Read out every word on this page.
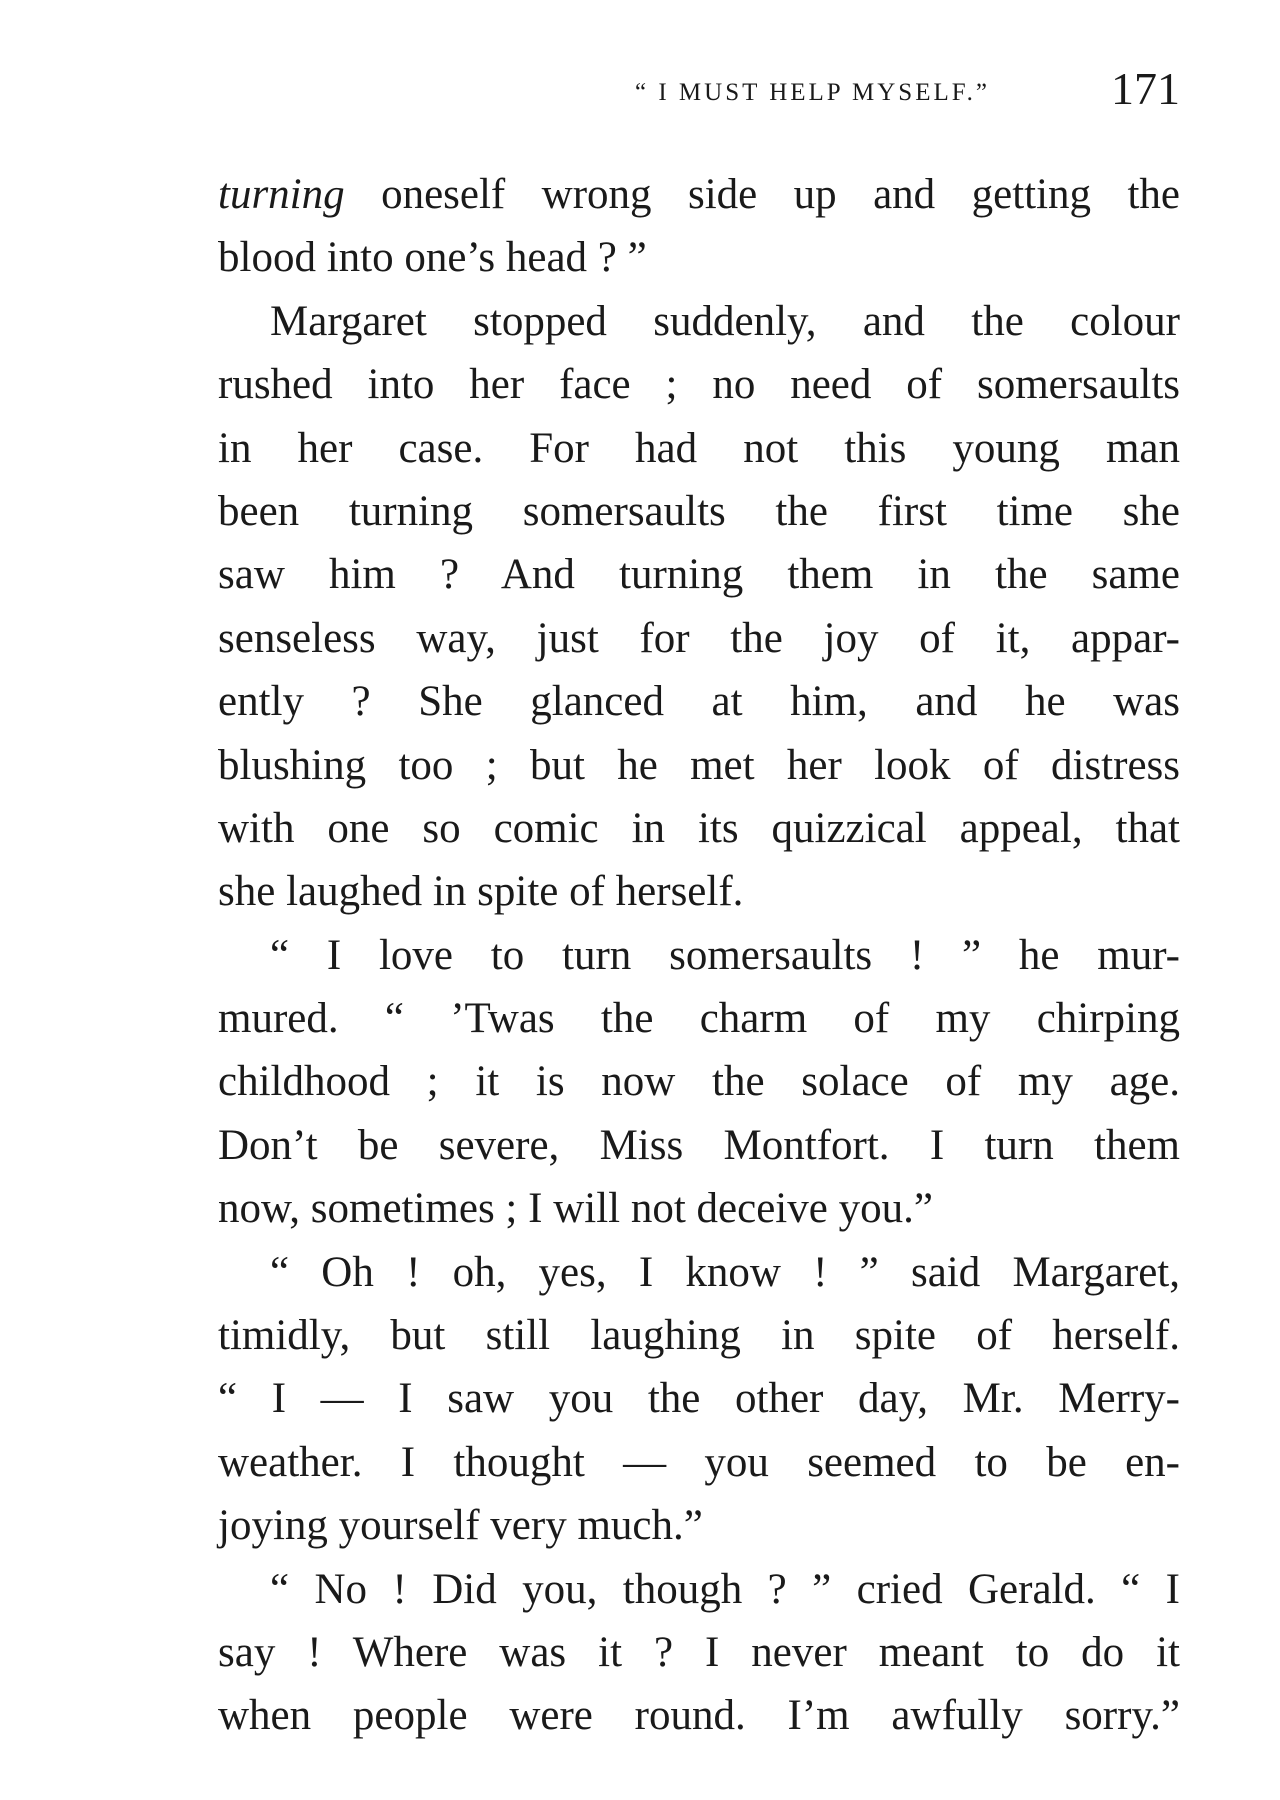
“ I MUST HELP MYSELF.”	171
turning oneself wrong side up and getting the
blood into one’s head ? ”
Margaret stopped suddenly, and the colour
rushed into her face ; no need of somersaults
in her case. For had not this young man
been turning somersaults the first time she
saw him ? And turning them in the same
senseless way, just for the joy of it, appar-
ently ? She glanced at him, and he was
blushing too ; but he met her look of distress
with one so comic in its quizzical appeal, that
she laughed in spite of herself.
“ I love to turn somersaults ! ” he mur-
mured. “ ’Twas the charm of my chirping
childhood ; it is now the solace of my age.
Don’t be severe, Miss Montfort. I turn them
now, sometimes ; I will not deceive you.”
“ Oh ! oh, yes, I know ! ” said Margaret,
timidly, but still laughing in spite of herself.
“ I — I saw you the other day, Mr. Merry-
weather. I thought — you seemed to be en-
joying yourself very much.”
“ No ! Did you, though ? ” cried Gerald. “ I
say ! Where was it ? I never meant to do it
when people were round. I’m awfully sorry.”
